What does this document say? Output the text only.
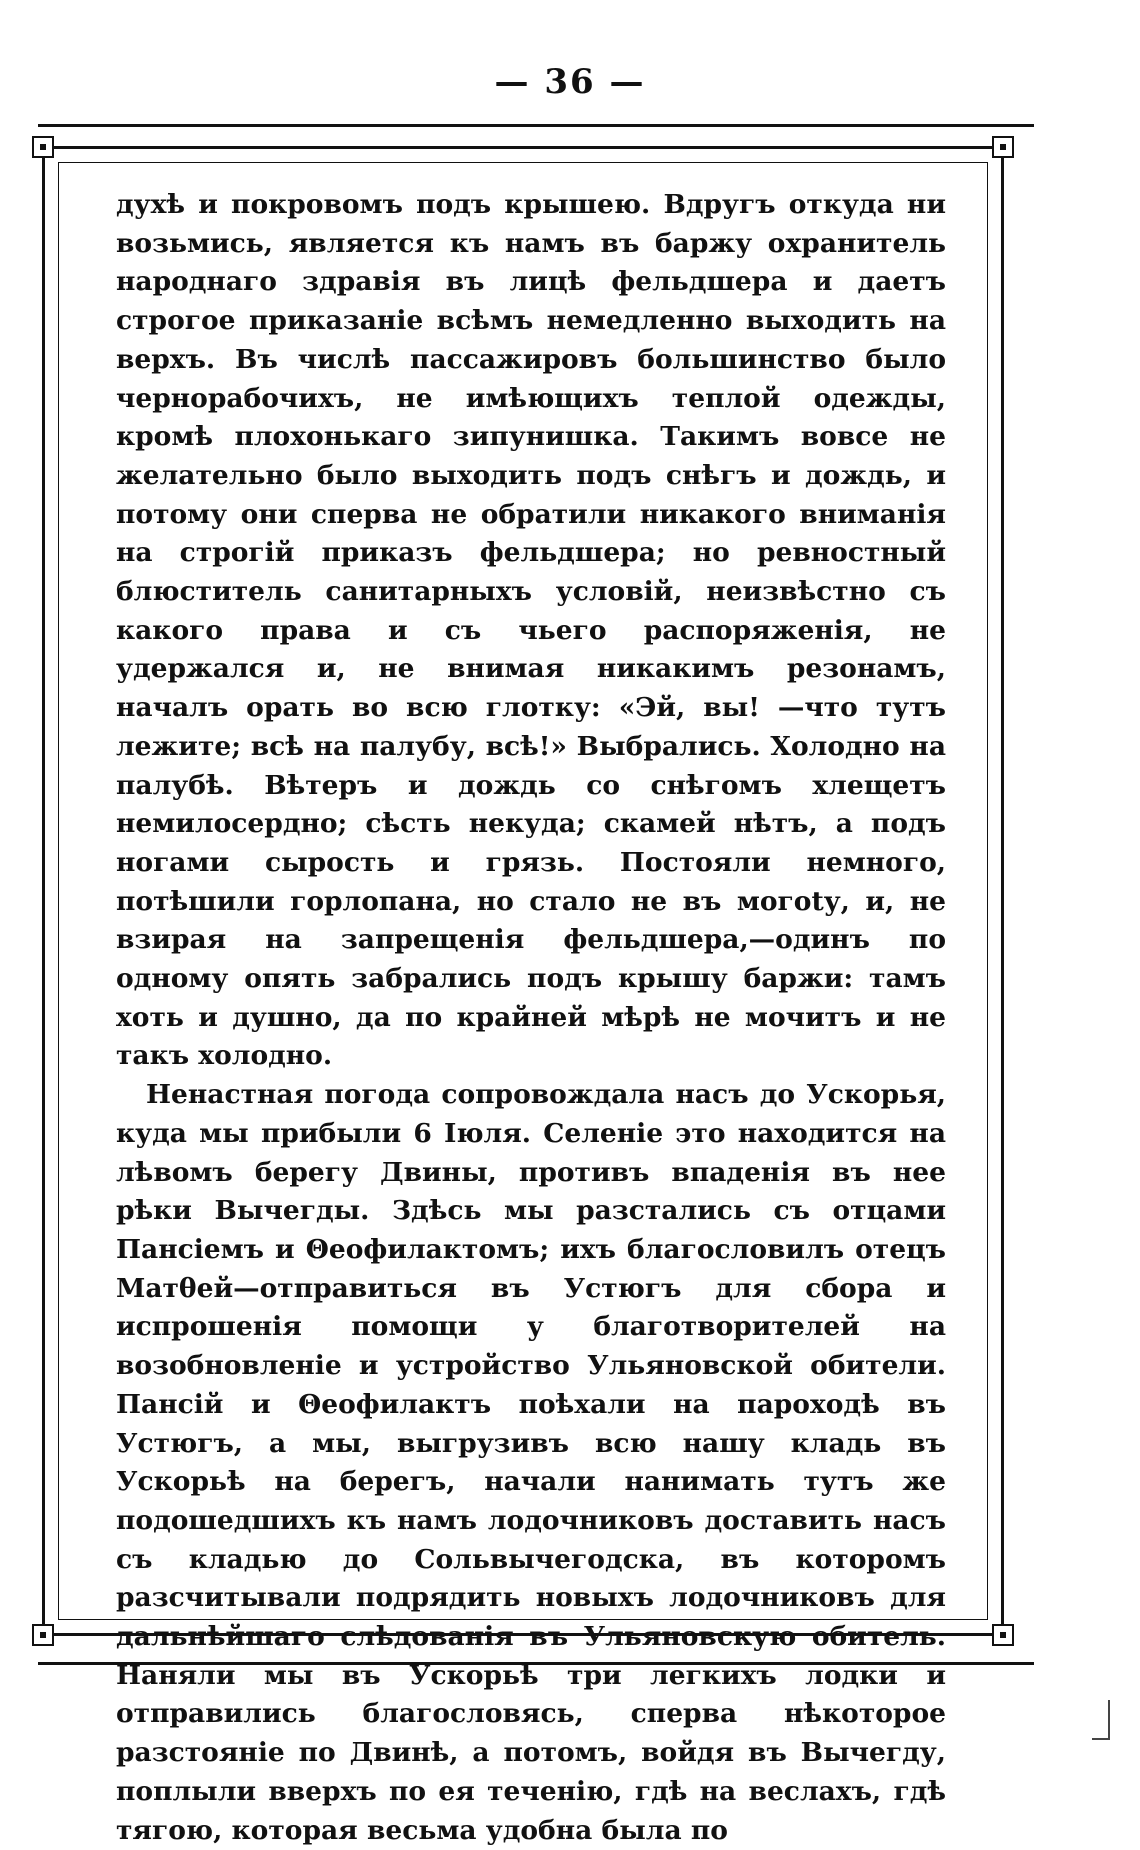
— 36 —

духѣ и покровомъ подъ крышею. Вдругъ откуда ни возьмись, является къ намъ въ баржу охранитель народнаго здравія въ лицѣ фельдшера и даетъ строгое приказаніе всѣмъ немедленно выходить на верхъ. Въ числѣ пассажировъ большинство было чернорабочихъ, не имѣющихъ теплой одежды, кромѣ плохонькаго зипунишка. Такимъ вовсе не желательно было выходить подъ снѣгъ и дождь, и потому они сперва не обратили никакого вниманія на строгій приказъ фельдшера; но ревностный блюститель санитарныхъ условій, неизвѣстно съ какого права и съ чьего распоряженія, не удержался и, не внимая никакимъ резонамъ, началъ орать во всю глотку: «Эй, вы! —что тутъ лежите; всѣ на палубу, всѣ!» Выбрались. Холодно на палубѣ. Вѣтеръ и дождь со снѣгомъ хлещетъ немилосердно; сѣсть некуда; скамей нѣтъ, а подъ ногами сырость и грязь. Постояли немного, потѣшили горлопана, но стало не въ могоtу, и, не взирая на запрещенія фельдшера,—одинъ по одному опять забрались подъ крышу баржи: тамъ хоть и душно, да по крайней мѣрѣ не мочитъ и не такъ холодно.

Ненастная погода сопровождала насъ до Ускорья, куда мы прибыли 6 Іюля. Селеніе это находится на лѣвомъ берегу Двины, противъ впаденія въ нее рѣки Вычегды. Здѣсь мы разстались съ отцами Пансіемъ и Θеофилактомъ; ихъ благословилъ отецъ Матθей—отправиться въ Устюгъ для сбора и испрошенія помощи у благотворителей на возобновленіе и устройство Ульяновской обители. Пансій и Θеофилактъ поѣхали на пароходѣ въ Устюгъ, а мы, выгрузивъ всю нашу кладь въ Ускорьѣ на берегъ, начали нанимать тутъ же подошедшихъ къ намъ лодочниковъ доставить насъ съ кладью до Сольвычегодска, въ которомъ разсчитывали подрядить новыхъ лодочниковъ для дальнѣйшаго слѣдованія въ Ульяновскую обитель. Наняли мы въ Ускорьѣ три легкихъ лодки и отправились благословясь, сперва нѣкоторое разстояніе по Двинѣ, а потомъ, войдя въ Вычегду, поплыли вверхъ по ея теченію, гдѣ на веслахъ, гдѣ тягою, которая весьма удобна была по
